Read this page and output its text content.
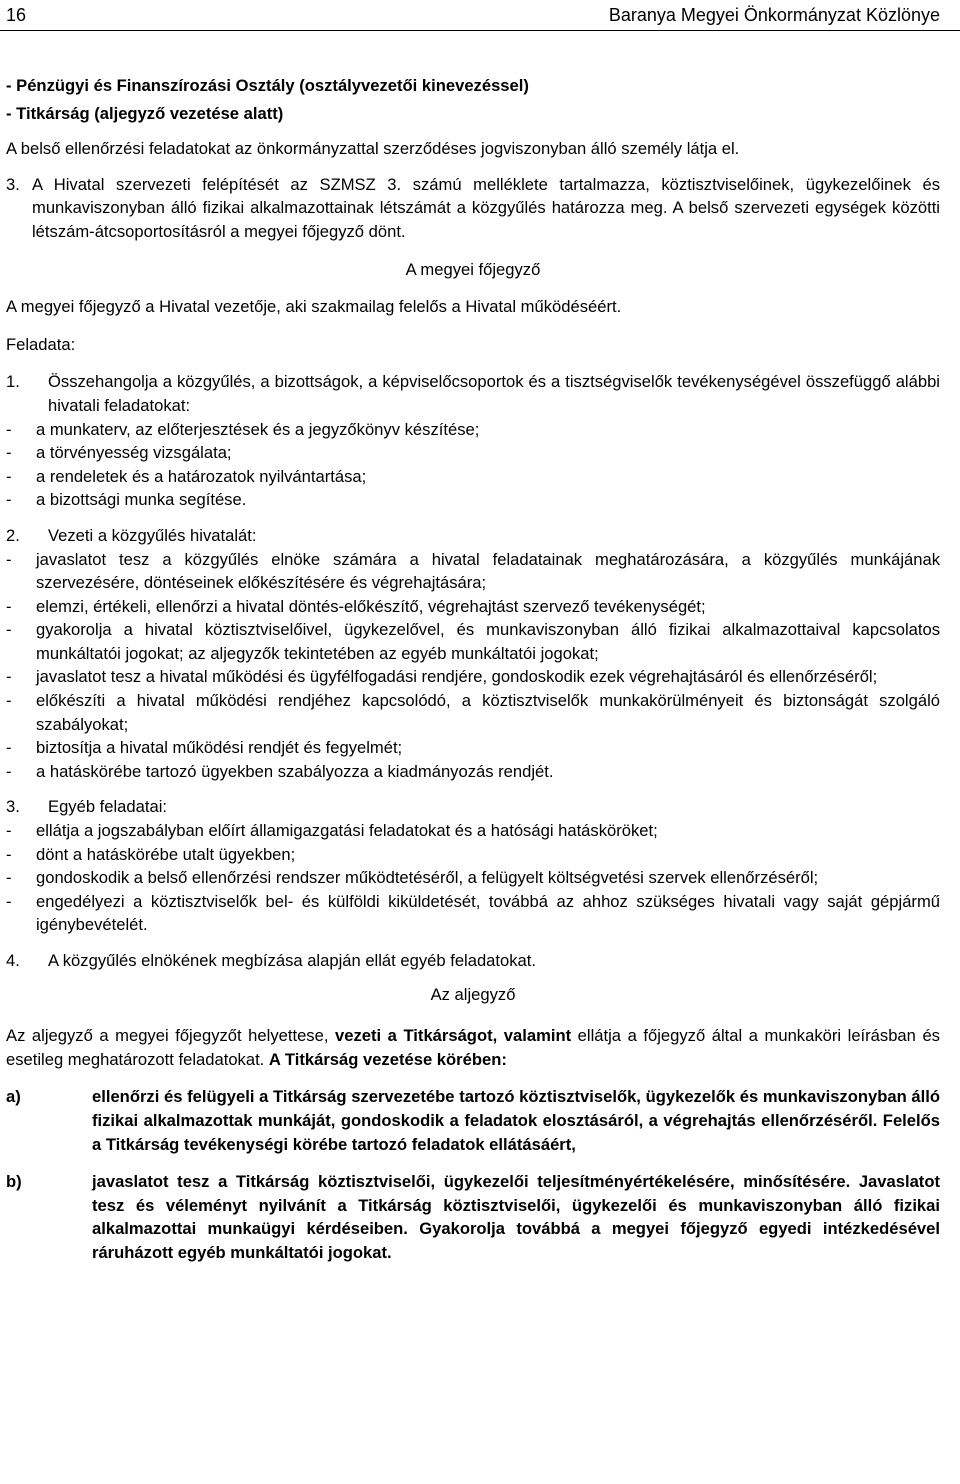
16	Baranya Megyei Önkormányzat Közlönye

- Pénzügyi és Finanszírozási Osztály (osztályvezetői kinevezéssel)

- Titkárság (aljegyző vezetése alatt)

A belső ellenőrzési feladatokat az önkormányzattal szerződéses jogviszonyban álló személy látja el.

3. A Hivatal szervezeti felépítését az SZMSZ 3. számú melléklete tartalmazza, köztisztviselőinek, ügykezelőinek és munkaviszonyban álló fizikai alkalmazottainak létszámát a közgyűlés határozza meg. A belső szervezeti egységek közötti létszám-átcsoportosításról a megyei főjegyző dönt.

A megyei főjegyző

A megyei főjegyző a Hivatal vezetője, aki szakmailag felelős a Hivatal működéséért.

Feladata:

1.	Összehangolja a közgyűlés, a bizottságok, a képviselőcsoportok és a tisztségviselők tevékenységével összefüggő alábbi hivatali feladatokat:
-	a munkaterv, az előterjesztések és a jegyzőkönyv készítése;
-	a törvényesség vizsgálata;
-	a rendeletek és a határozatok nyilvántartása;
-	a bizottsági munka segítése.
2.	Vezeti a közgyűlés hivatalát:
-	javaslatot tesz a közgyűlés elnöke számára a hivatal feladatainak meghatározására, a közgyűlés munkájának szervezésére, döntéseinek előkészítésére és végrehajtására;
-	elemzi, értékeli, ellenőrzi a hivatal döntés-előkészítő, végrehajtást szervező tevékenységét;
-	gyakorolja a hivatal köztisztviselőivel, ügykezelővel, és munkaviszonyban álló fizikai alkalmazottaival kapcsolatos munkáltatói jogokat; az aljegyzők tekintetében az egyéb munkáltatói jogokat;
-	javaslatot tesz a hivatal működési és ügyfélfogadási rendjére, gondoskodik ezek végrehajtásáról és ellenőrzéséről;
-	előkészíti a hivatal működési rendjéhez kapcsolódó, a köztisztviselők munkakörülményeit és biztonságát szolgáló szabályokat;
-	biztosítja a hivatal működési rendjét és fegyelmét;
-	a hatáskörébe tartozó ügyekben szabályozza a kiadmányozás rendjét.
3.	Egyéb feladatai:
-	ellátja a jogszabályban előírt államigazgatási feladatokat és a hatósági hatásköröket;
-	dönt a hatáskörébe utalt ügyekben;
-	gondoskodik a belső ellenőrzési rendszer működtetéséről, a felügyelt költségvetési szervek ellenőrzéséről;
-	engedélyezi a köztisztviselők bel- és külföldi kiküldetését, továbbá az ahhoz szükséges hivatali vagy saját gépjármű igénybevételét.
4.	A közgyűlés elnökének megbízása alapján ellát egyéb feladatokat.

Az aljegyző

Az aljegyző a megyei főjegyzőt helyettese, vezeti a Titkárságot, valamint ellátja a főjegyző által a munkaköri leírásban és esetileg meghatározott feladatokat. A Titkárság vezetése körében:

a)	ellenőrzi és felügyeli a Titkárság szervezetébe tartozó köztisztviselők, ügykezelők és munkaviszonyban álló fizikai alkalmazottak munkáját, gondoskodik a feladatok elosztásáról, a végrehajtás ellenőrzéséről. Felelős a Titkárság tevékenységi körébe tartozó feladatok ellátásáért,
b)	javaslatot tesz a Titkárság köztisztviselői, ügykezelői teljesítményértékelésére, minősítésére. Javaslatot tesz és véleményt nyilvánít a Titkárság köztisztviselői, ügykezelői és munkaviszonyban álló fizikai alkalmazottai munkaügyi kérdéseiben. Gyakorolja továbbá a megyei főjegyző egyedi intézkedésével ráruházott egyéb munkáltatói jogokat.
